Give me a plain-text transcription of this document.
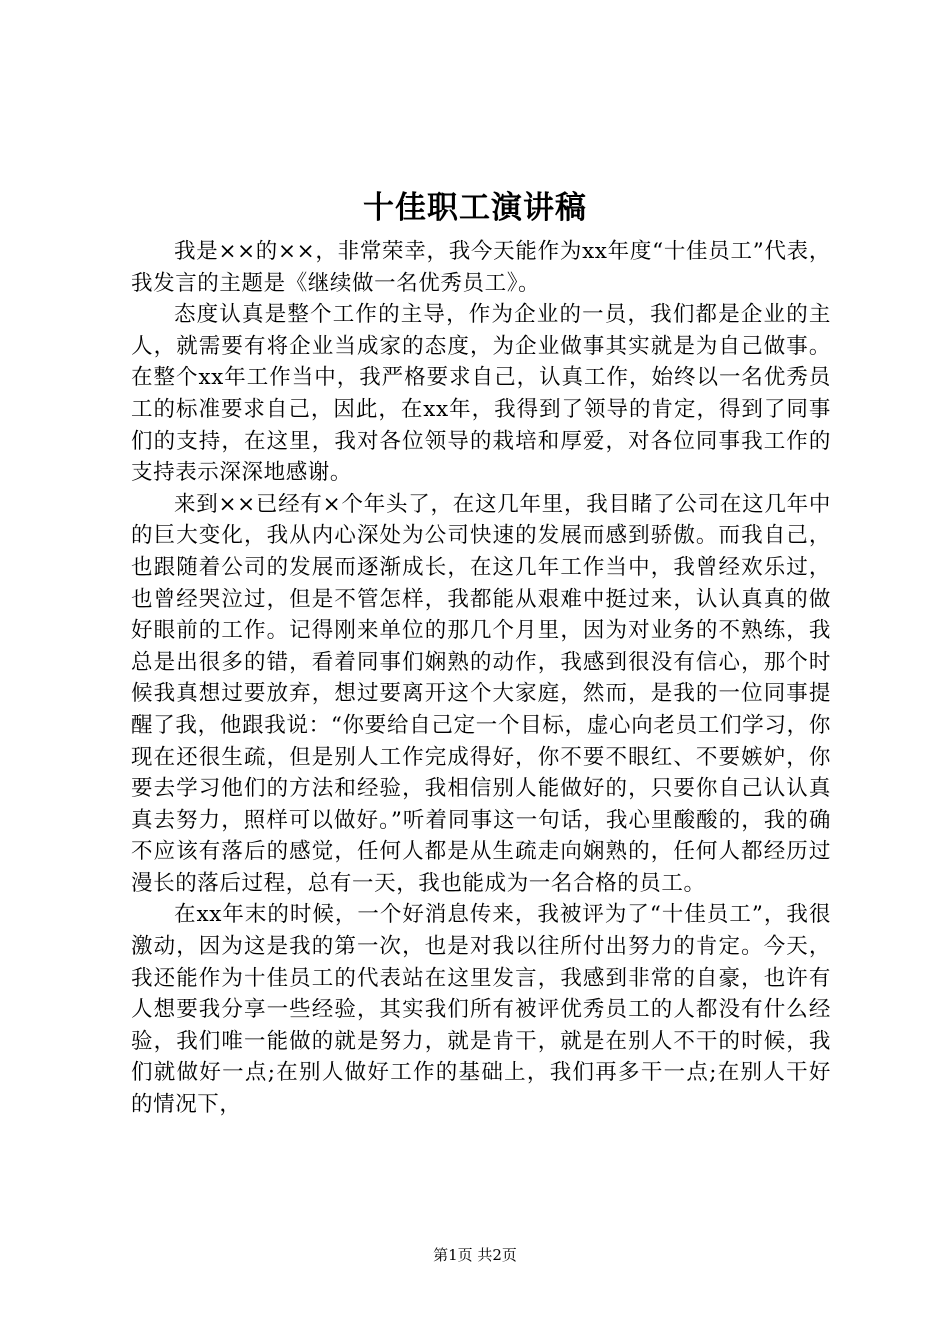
十佳职工演讲稿

我是××的××，非常荣幸，我今天能作为xx年度“十佳员工”代表，我发言的主题是《继续做一名优秀员工》。

态度认真是整个工作的主导，作为企业的一员，我们都是企业的主人，就需要有将企业当成家的态度，为企业做事其实就是为自己做事。在整个xx年工作当中，我严格要求自己，认真工作，始终以一名优秀员工的标准要求自己，因此，在xx年，我得到了领导的肯定，得到了同事们的支持，在这里，我对各位领导的栽培和厚爱，对各位同事我工作的支持表示深深地感谢。

来到××已经有×个年头了，在这几年里，我目睹了公司在这几年中的巨大变化，我从内心深处为公司快速的发展而感到骄傲。而我自己，也跟随着公司的发展而逐渐成长，在这几年工作当中，我曾经欢乐过，也曾经哭泣过，但是不管怎样，我都能从艰难中挺过来，认认真真的做好眼前的工作。记得刚来单位的那几个月里，因为对业务的不熟练，我总是出很多的错，看着同事们娴熟的动作，我感到很没有信心，那个时候我真想过要放弃，想过要离开这个大家庭，然而，是我的一位同事提醒了我，他跟我说：“你要给自己定一个目标，虚心向老员工们学习，你现在还很生疏，但是别人工作完成得好，你不要不眼红、不要嫉妒，你要去学习他们的方法和经验，我相信别人能做好的，只要你自己认认真真去努力，照样可以做好。”听着同事这一句话，我心里酸酸的，我的确不应该有落后的感觉，任何人都是从生疏走向娴熟的，任何人都经历过漫长的落后过程，总有一天，我也能成为一名合格的员工。

在xx年末的时候，一个好消息传来，我被评为了“十佳员工”，我很激动，因为这是我的第一次，也是对我以往所付出努力的肯定。今天，我还能作为十佳员工的代表站在这里发言，我感到非常的自豪，也许有人想要我分享一些经验，其实我们所有被评优秀员工的人都没有什么经验，我们唯一能做的就是努力，就是肯干，就是在别人不干的时候，我们就做好一点;在别人做好工作的基础上，我们再多干一点;在别人干好的情况下，

第1页 共2页
